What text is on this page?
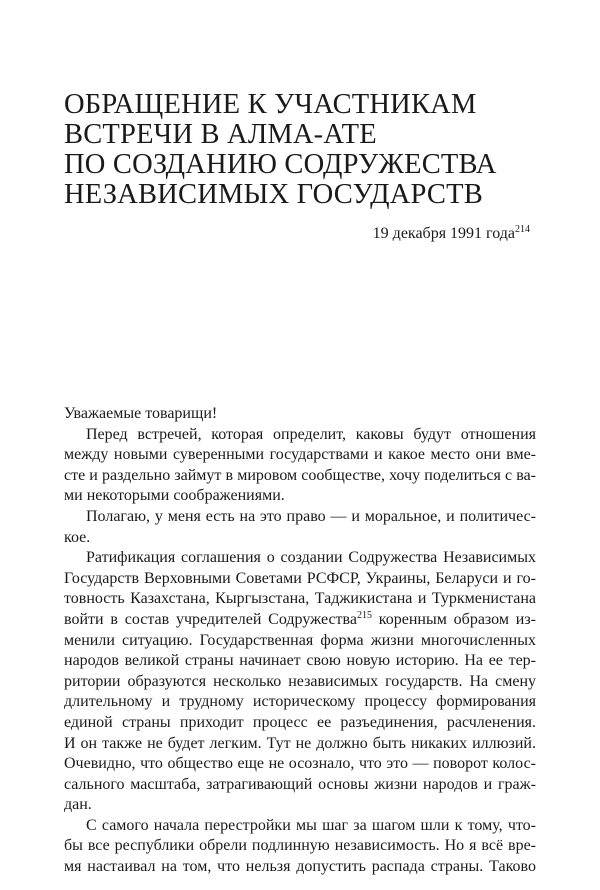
ОБРАЩЕНИЕ К УЧАСТНИКАМ
ВСТРЕЧИ В АЛМА-АТЕ
ПО СОЗДАНИЮ СОДРУЖЕСТВА
НЕЗАВИСИМЫХ ГОСУДАРСТВ
19 декабря 1991 года$^{214}$
Уважаемые товарищи!
Перед встречей, которая определит, каковы будут отношения
между новыми суверенными государствами и какое место они вме-
сте и раздельно займут в мировом сообществе, хочу поделиться с ва-
ми некоторыми соображениями.
Полагаю, у меня есть на это право — и моральное, и политичес-
кое.
Ратификация соглашения о создании Содружества Независимых
Государств Верховными Советами РСФСР, Украины, Беларуси и го-
товность Казахстана, Кыргызстана, Таджикистана и Туркменистана
войти в состав учредителей Содружества$^{215}$ коренным образом из-
менили ситуацию. Государственная форма жизни многочисленных
народов великой страны начинает свою новую историю. На ее тер-
ритории образуются несколько независимых государств. На смену
длительному и трудному историческому процессу формирования
единой страны приходит процесс ее разъединения, расчленения.
И он также не будет легким. Тут не должно быть никаких иллюзий.
Очевидно, что общество еще не осознало, что это — поворот колос-
сального масштаба, затрагивающий основы жизни народов и граж-
дан.
С самого начала перестройки мы шаг за шагом шли к тому, что-
бы все республики обрели подлинную независимость. Но я всё вре-
мя настаивал на том, что нельзя допустить распада страны. Таково
